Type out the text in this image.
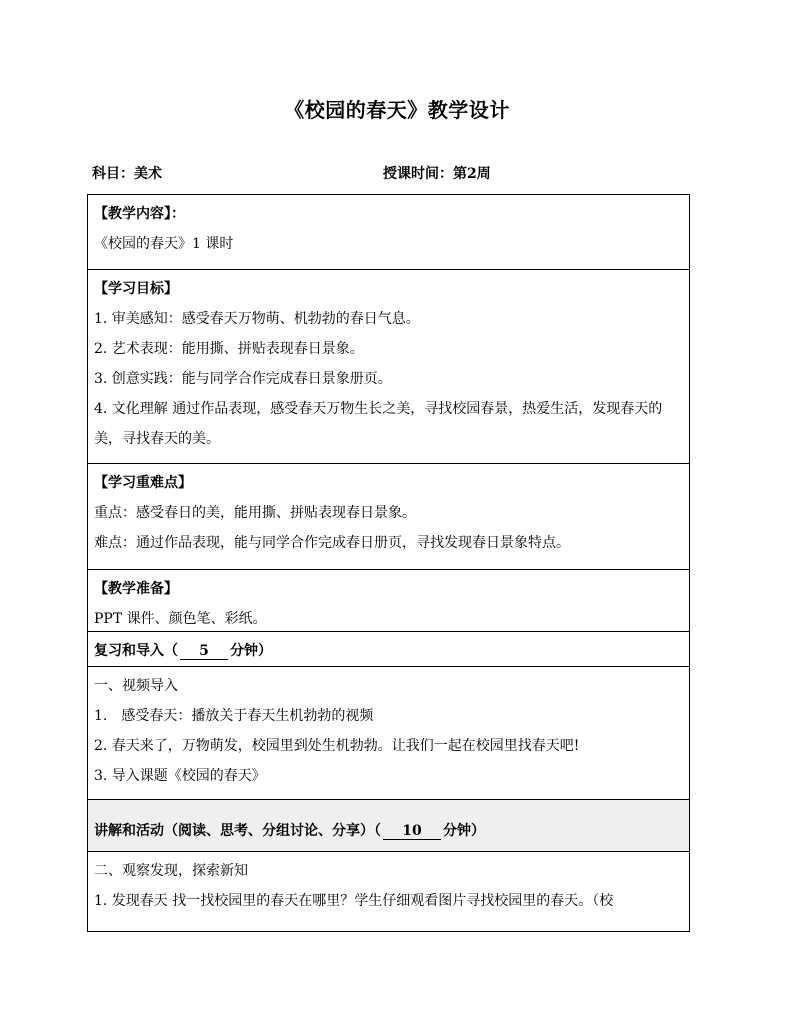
《校园的春天》教学设计
科目：美术	授课时间：第2周
【教学内容】：
《校园的春天》1 课时
【学习目标】
1. 审美感知：感受春天万物萌、机勃勃的春日气息。
2. 艺术表现：能用撕、拼贴表现春日景象。
3. 创意实践：能与同学合作完成春日景象册页。
4. 文化理解 通过作品表现，感受春天万物生长之美，寻找校园春景，热爱生活，发现春天的美，寻找春天的美。
【学习重难点】
重点：感受春日的美，能用撕、拼贴表现春日景象。
难点：通过作品表现，能与同学合作完成春日册页，寻找发现春日景象特点。
【教学准备】
PPT 课件、颜色笔、彩纸。
复习和导入（ 5 分钟）
一、视频导入
1.　感受春天：播放关于春天生机勃勃的视频
2. 春天来了，万物萌发，校园里到处生机勃勃。让我们一起在校园里找春天吧!
3. 导入课题《校园的春天》
讲解和活动（阅读、思考、分组讨论、分享）（ 10 分钟）
二、观察发现，探索新知
1. 发现春天 找一找校园里的春天在哪里？学生仔细观看图片寻找校园里的春天。（校
